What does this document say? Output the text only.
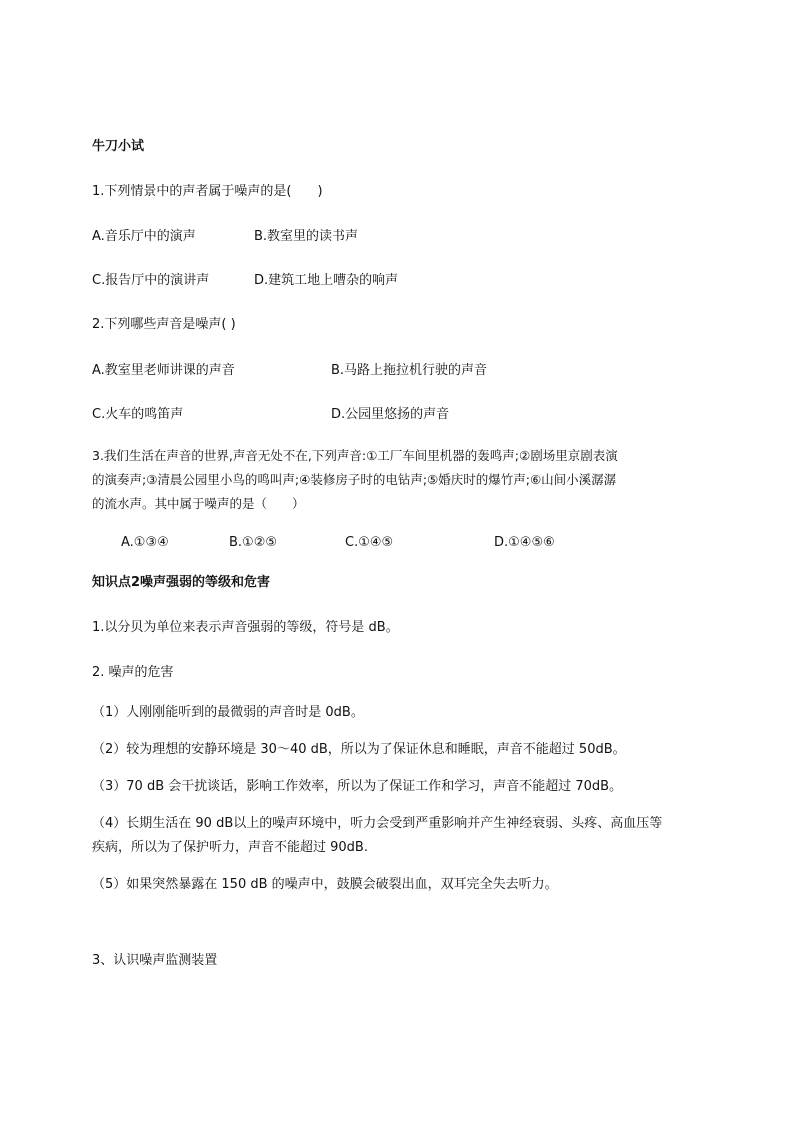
牛刀小试
1.下列情景中的声者属于噪声的是(　　)
A.音乐厅中的演声	B.教室里的读书声
C.报告厅中的演讲声	D.建筑工地上嘈杂的响声
2.下列哪些声音是噪声( )
A.教室里老师讲课的声音	B.马路上拖拉机行驶的声音
C.火车的鸣笛声	D.公园里悠扬的声音
3.我们生活在声音的世界,声音无处不在,下列声音:①工厂车间里机器的轰鸣声;②剧场里京剧表演
的演奏声;③清晨公园里小鸟的鸣叫声;④装修房子时的电钻声;⑤婚庆时的爆竹声;⑥山间小溪潺潺
的流水声。其中属于噪声的是（　　）
A.①③④	B.①②⑤	C.①④⑤	D.①④⑤⑥
知识点2噪声强弱的等级和危害
1.以分贝为单位来表示声音强弱的等级，符号是 dB。
2. 噪声的危害
（1）人刚刚能听到的最微弱的声音时是 0dB。
（2）较为理想的安静环境是 30～40 dB，所以为了保证休息和睡眠，声音不能超过 50dB。
（3）70 dB 会干扰谈话，影响工作效率，所以为了保证工作和学习，声音不能超过 70dB。
（4）长期生活在 90 dB以上的噪声环境中，听力会受到严重影响并产生神经衰弱、头疼、高血压等
疾病，所以为了保护听力，声音不能超过 90dB.
（5）如果突然暴露在 150 dB 的噪声中，鼓膜会破裂出血，双耳完全失去听力。
3、认识噪声监测装置
